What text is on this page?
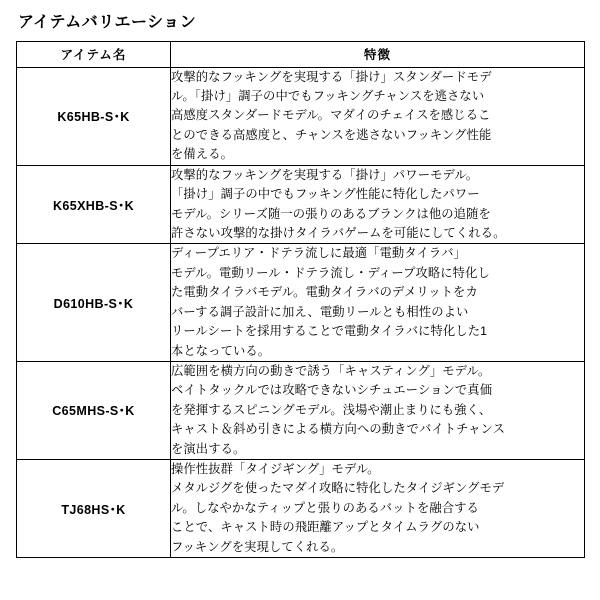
アイテムバリエーション
アイテム名	特徴
K65HB-S･K	攻撃的なフッキングを実現する「掛け」スタンダードモデ
ル。「掛け」調子の中でもフッキングチャンスを逃さない
高感度スタンダードモデル。マダイのチェイスを感じるこ
とのできる高感度と、チャンスを逃さないフッキング性能
を備える。

K65XHB-S･K	攻撃的なフッキングを実現する「掛け」パワーモデル。
「掛け」調子の中でもフッキング性能に特化したパワー
モデル。シリーズ随一の張りのあるブランクは他の追随を
許さない攻撃的な掛けタイラバゲームを可能にしてくれる。

D610HB-S･K	
ディープエリア・ドテラ流しに最適「電動タイラバ」
モデル。電動リール・ドテラ流し・ディープ攻略に特化し
た電動タイラバモデル。電動タイラバのデメリットをカ
バーする調子設計に加え、電動リールとも相性のよい
リールシートを採用することで電動タイラバに特化した1
本となっている。

C65MHS-S･K	広範囲を横方向の動きで誘う「キャスティング」モデル。
ベイトタックルでは攻略できないシチュエーションで真価
を発揮するスピニングモデル。浅場や潮止まりにも強く、
キャスト＆斜め引きによる横方向への動きでバイトチャンス
を演出する。

TJ68HS･K	操作性抜群「タイジギング」モデル。
メタルジグを使ったマダイ攻略に特化したタイジギングモデ
ル。しなやかなティップと張りのあるバットを融合する
ことで、キャスト時の飛距離アップとタイムラグのない
フッキングを実現してくれる。
